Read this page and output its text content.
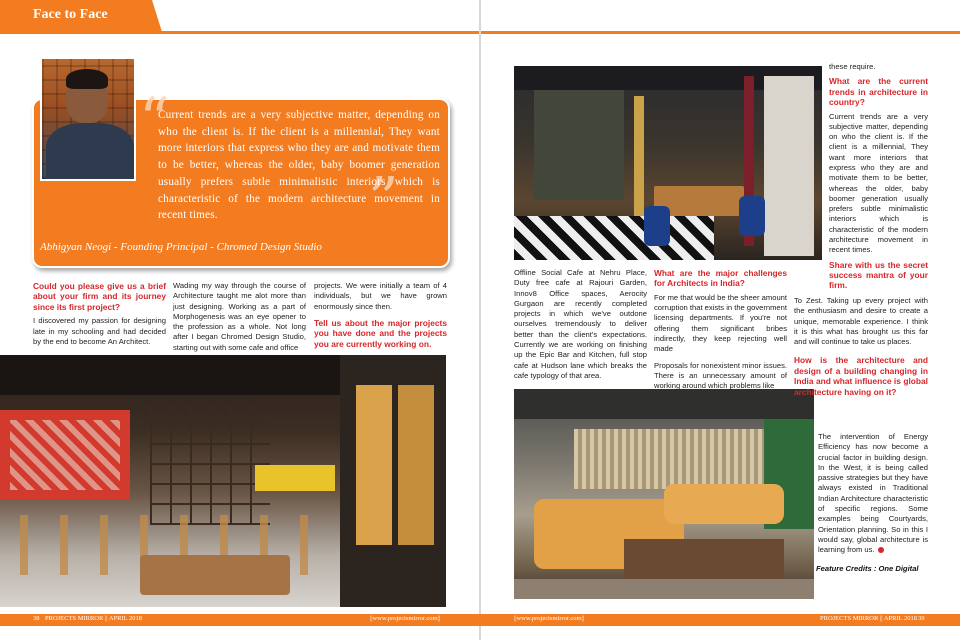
Face to Face
“
”
Current trends are a very subjective matter, depending on who the client is. If the client is a millennial, They want more interiors that express who they are and motivate them to be better, whereas the older, baby boomer generation usually prefers subtle minimalistic interiors which is characteristic of the modern architecture movement in recent times.
Abhigyan Neogi - Founding Principal - Chromed Design Studio
Could you please give us a brief about your firm and its journey since its first project?

I discovered my passion for designing late in my schooling and had decided by the end to become An Architect.

Wading my way through the course of Architecture taught me alot more than just designing. Working as a part of Morphogenesis was an eye opener to the profession as a whole. Not long after I began Chromed Design Studio, starting out with some cafe and office

projects. We were initially a team of 4 individuals, but we have grown enormously since then.

Tell us about the major projects you have done and the projects you are currently working on.

Offline Social Cafe at Nehru Place, Duty free cafe at Rajouri Garden, Innov8 Office spaces, Aerocity Gurgaon are recently completed projects in which we've outdone ourselves tremendously to deliver better than the client's expectations. Currently we are working on finishing up the Epic Bar and Kitchen, full stop cafe at Hudson lane which breaks the cafe typology of that area.

What are the major challenges for Architects in India?

For me that would be the sheer amount corruption that exists in the government licensing departments. If you're not offering them significant bribes indirectly, they keep rejecting well made

Proposals for nonexistent minor issues. There is an unnecessary amount of working around which problems like

these require.

What are the current trends in architecture in country?

Current trends are a very subjective matter, depending on who the client is. If the client is a millennial, They want more interiors that express who they are and motivate them to be better, whereas the older, baby boomer generation usually prefers subtle minimalistic interiors which is characteristic of the modern architecture movement in recent times.

Share with us the secret success mantra of your firm.

To Zest. Taking up every project with the enthusiasm and desire to create a unique, memorable experience. I think it is this what has brought us this far and will continue to take us places.

How is the architecture and design of a building changing in India and what influence is global architecture having on it?

The intervention of Energy Efficiency has now become a crucial factor in building design. In the West, it is being called passive strategies but they have always existed in Traditional Indian Architecture characteristic of specific regions. Some examples being Courtyards, Orientation planning. So in this I would say, global architecture is learning from us.

Feature Credits : One Digital
38 PROJECTS MIRROR || APRIL 2018	||www.projectsmirror.com||	||www.projectsmirror.com||	PROJECTS MIRROR || APRIL 2018 39
